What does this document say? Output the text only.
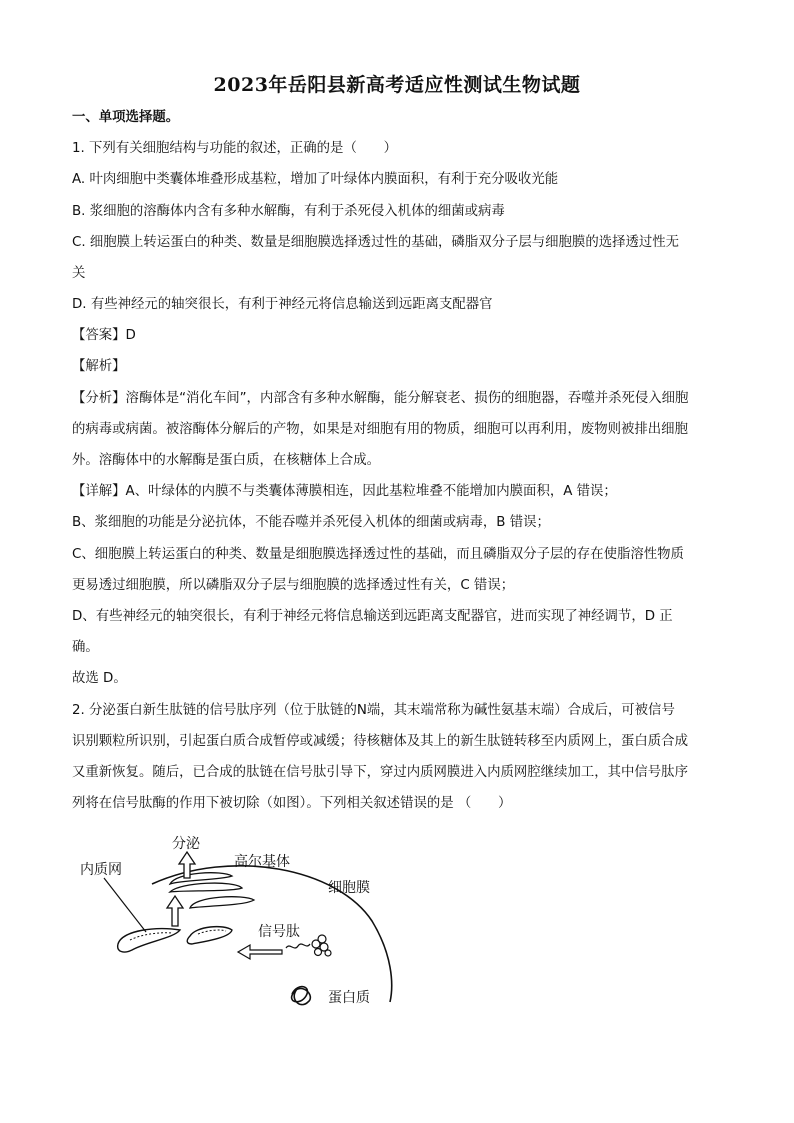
2023年岳阳县新高考适应性测试生物试题
一、单项选择题。
1. 下列有关细胞结构与功能的叙述，正确的是（　　）
A. 叶肉细胞中类囊体堆叠形成基粒，增加了叶绿体内膜面积，有利于充分吸收光能
B. 浆细胞的溶酶体内含有多种水解酶，有利于杀死侵入机体的细菌或病毒
C. 细胞膜上转运蛋白的种类、数量是细胞膜选择透过性的基础，磷脂双分子层与细胞膜的选择透过性无
关
D. 有些神经元的轴突很长，有利于神经元将信息输送到远距离支配器官
【答案】D
【解析】
【分析】溶酶体是“消化车间”，内部含有多种水解酶，能分解衰老、损伤的细胞器，吞噬并杀死侵入细胞
的病毒或病菌。被溶酶体分解后的产物，如果是对细胞有用的物质，细胞可以再利用，废物则被排出细胞
外。溶酶体中的水解酶是蛋白质，在核糖体上合成。
【详解】A、叶绿体的内膜不与类囊体薄膜相连，因此基粒堆叠不能增加内膜面积，A 错误；
B、浆细胞的功能是分泌抗体，不能吞噬并杀死侵入机体的细菌或病毒，B 错误；
C、细胞膜上转运蛋白的种类、数量是细胞膜选择透过性的基础，而且磷脂双分子层的存在使脂溶性物质
更易透过细胞膜，所以磷脂双分子层与细胞膜的选择透过性有关，C 错误；
D、有些神经元的轴突很长，有利于神经元将信息输送到远距离支配器官，进而实现了神经调节，D 正
确。
故选 D。
2. 分泌蛋白新生肽链的信号肽序列（位于肽链的N端，其末端常称为碱性氨基末端）合成后，可被信号
识别颗粒所识别，引起蛋白质合成暂停或减缓；待核糖体及其上的新生肽链转移至内质网上，蛋白质合成
又重新恢复。随后，已合成的肽链在信号肽引导下，穿过内质网膜进入内质网腔继续加工，其中信号肽序
列将在信号肽酶的作用下被切除（如图）。下列相关叙述错误的是 （　　）
分泌
高尔基体
内质网
细胞膜
信号肽
蛋白质
